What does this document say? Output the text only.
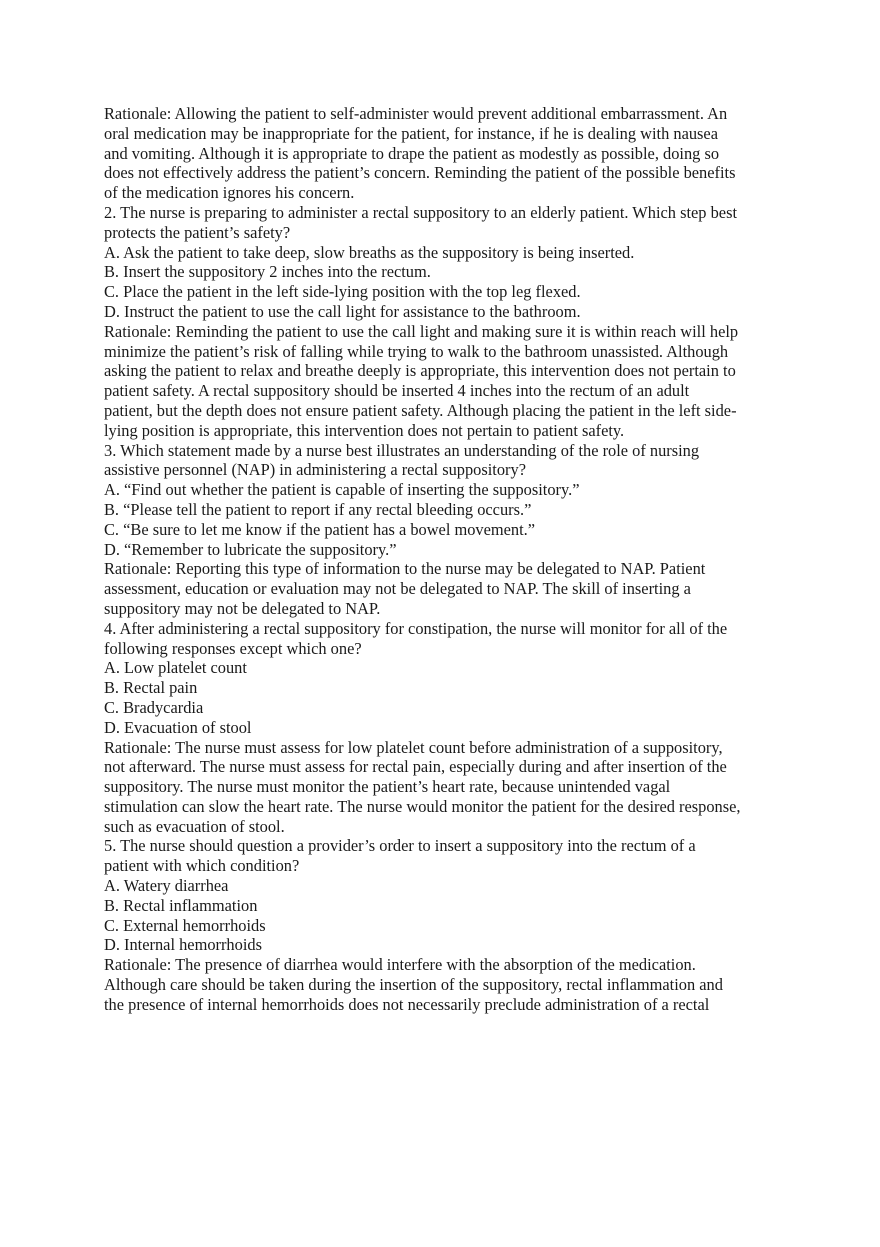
Rationale: Allowing the patient to self-administer would prevent additional embarrassment. An
oral medication may be inappropriate for the patient, for instance, if he is dealing with nausea
and vomiting. Although it is appropriate to drape the patient as modestly as possible, doing so
does not effectively address the patient’s concern. Reminding the patient of the possible benefits
of the medication ignores his concern.
2. The nurse is preparing to administer a rectal suppository to an elderly patient. Which step best
protects the patient’s safety?
A. Ask the patient to take deep, slow breaths as the suppository is being inserted.
B. Insert the suppository 2 inches into the rectum.
C. Place the patient in the left side-lying position with the top leg flexed.
D. Instruct the patient to use the call light for assistance to the bathroom.
Rationale: Reminding the patient to use the call light and making sure it is within reach will help
minimize the patient’s risk of falling while trying to walk to the bathroom unassisted. Although
asking the patient to relax and breathe deeply is appropriate, this intervention does not pertain to
patient safety. A rectal suppository should be inserted 4 inches into the rectum of an adult
patient, but the depth does not ensure patient safety. Although placing the patient in the left side-
lying position is appropriate, this intervention does not pertain to patient safety.
3. Which statement made by a nurse best illustrates an understanding of the role of nursing
assistive personnel (NAP) in administering a rectal suppository?
A. “Find out whether the patient is capable of inserting the suppository.”
B. “Please tell the patient to report if any rectal bleeding occurs.”
C. “Be sure to let me know if the patient has a bowel movement.”
D. “Remember to lubricate the suppository.”
Rationale: Reporting this type of information to the nurse may be delegated to NAP. Patient
assessment, education or evaluation may not be delegated to NAP. The skill of inserting a
suppository may not be delegated to NAP.
4. After administering a rectal suppository for constipation, the nurse will monitor for all of the
following responses except which one?
A. Low platelet count
B. Rectal pain
C. Bradycardia
D. Evacuation of stool
Rationale: The nurse must assess for low platelet count before administration of a suppository,
not afterward. The nurse must assess for rectal pain, especially during and after insertion of the
suppository. The nurse must monitor the patient’s heart rate, because unintended vagal
stimulation can slow the heart rate. The nurse would monitor the patient for the desired response,
such as evacuation of stool.
5. The nurse should question a provider’s order to insert a suppository into the rectum of a
patient with which condition?
A. Watery diarrhea
B. Rectal inflammation
C. External hemorrhoids
D. Internal hemorrhoids
Rationale: The presence of diarrhea would interfere with the absorption of the medication.
Although care should be taken during the insertion of the suppository, rectal inflammation and
the presence of internal hemorrhoids does not necessarily preclude administration of a rectal
